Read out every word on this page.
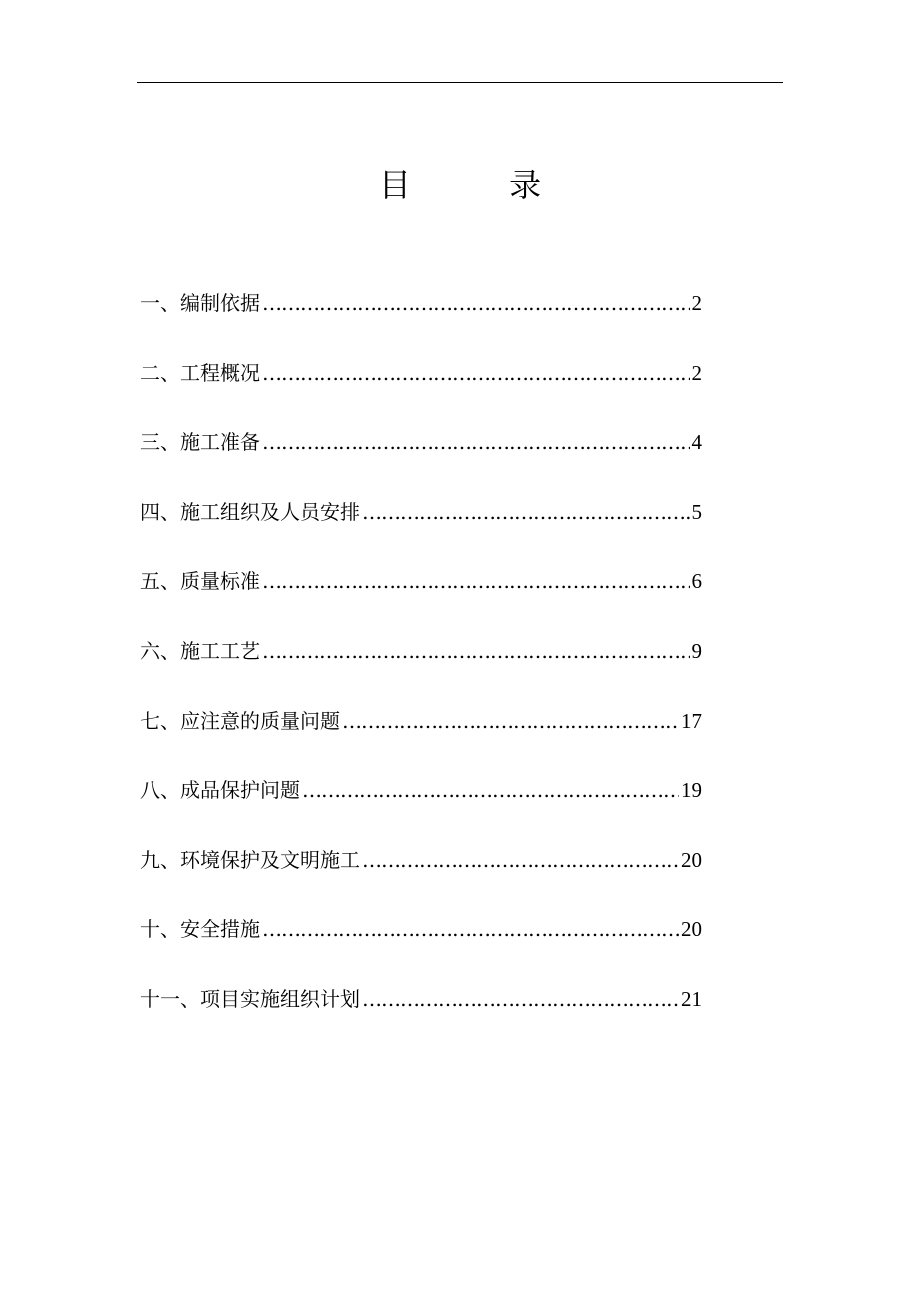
目 录
一、编制依据 ………………………………………………………………………………………………………………………………………………	2
二、工程概况 ………………………………………………………………………………………………………………………………………………	2
三、施工准备 ………………………………………………………………………………………………………………………………………………	4
四、施工组织及人员安排 ………………………………………………………………………………………………………………………………………………	5
五、质量标准 ………………………………………………………………………………………………………………………………………………	6
六、施工工艺 ………………………………………………………………………………………………………………………………………………	9
七、应注意的质量问题 ………………………………………………………………………………………………………………………………………………	17
八、成品保护问题 ………………………………………………………………………………………………………………………………………………	19
九、环境保护及文明施工 ………………………………………………………………………………………………………………………………………………	20
十、安全措施 ………………………………………………………………………………………………………………………………………………	20
十一、项目实施组织计划 ………………………………………………………………………………………………………………………………………………	21
